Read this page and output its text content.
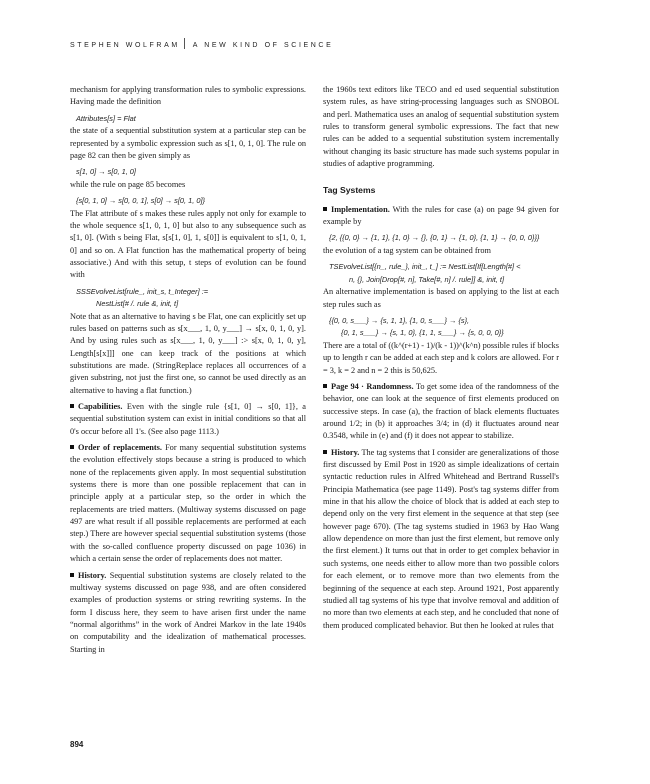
STEPHEN WOLFRAM A NEW KIND OF SCIENCE

mechanism for applying transformation rules to symbolic expressions. Having made the definition

Attributes[s] = Flat

the state of a sequential substitution system at a particular step can be represented by a symbolic expression such as s[1, 0, 1, 0]. The rule on page 82 can then be given simply as

s[1, 0] → s[0, 1, 0]

while the rule on page 85 becomes

{s[0, 1, 0] → s[0, 0, 1], s[0] → s[0, 1, 0]}

The Flat attribute of s makes these rules apply not only for example to the whole sequence s[1, 0, 1, 0] but also to any subsequence such as s[1, 0]. (With s being Flat, s[s[1, 0], 1, s[0]] is equivalent to s[1, 0, 1, 0] and so on. A Flat function has the mathematical property of being associative.) And with this setup, t steps of evolution can be found with

SSSEvolveList[rule_, init_s, t_Integer] :=
NestList[# /. rule &, init, t]

Note that as an alternative to having s be Flat, one can explicitly set up rules based on patterns such as s[x___, 1, 0, y___] → s[x, 0, 1, 0, y]. And by using rules such as s[x___, 1, 0, y___] :> s[x, 0, 1, 0, y], Length[s[x]]] one can keep track of the positions at which substitutions are made. (StringReplace replaces all occurrences of a given substring, not just the first one, so cannot be used directly as an alternative to having a flat function.)

Capabilities. Even with the single rule {s[1, 0] → s[0, 1]}, a sequential substitution system can exist in initial conditions so that all 0's occur before all 1's. (See also page 1113.)

Order of replacements. For many sequential substitution systems the evolution effectively stops because a string is produced to which none of the replacements given apply. In most sequential substitution systems there is more than one possible replacement that can in principle apply at a particular step, so the order in which the replacements are tried matters. (Multiway systems discussed on page 497 are what result if all possible replacements are performed at each step.) There are however special sequential substitution systems (those with the so-called confluence property discussed on page 1036) in which a certain sense the order of replacements does not matter.

History. Sequential substitution systems are closely related to the multiway systems discussed on page 938, and are often considered examples of production systems or string rewriting systems. In the form I discuss here, they seem to have arisen first under the name “normal algorithms” in the work of Andrei Markov in the late 1940s on computability and the idealization of mathematical processes. Starting in

the 1960s text editors like TECO and ed used sequential substitution system rules, as have string-processing languages such as SNOBOL and perl. Mathematica uses an analog of sequential substitution system rules to transform general symbolic expressions. The fact that new rules can be added to a sequential substitution system incrementally without changing its basic structure has made such systems popular in studies of adaptive programming.

Tag Systems

Implementation. With the rules for case (a) on page 94 given for example by

{2, {{0, 0} → {1, 1}, {1, 0} → {}, {0, 1} → {1, 0}, {1, 1} → {0, 0, 0}}}

the evolution of a tag system can be obtained from

TSEvolveList[{n_, rule_}, init_, t_] := NestList[If[Length[#] <
n, {}, Join[Drop[#, n], Take[#, n] /. rule]] &, init, t]

An alternative implementation is based on applying to the list at each step rules such as

{{0, 0, s___} → {s, 1, 1}, {1, 0, s___} → {s},
{0, 1, s___} → {s, 1, 0}, {1, 1, s___} → {s, 0, 0, 0}}

There are a total of ((k^(r+1) - 1)/(k - 1))^(k^n) possible rules if blocks up to length r can be added at each step and k colors are allowed. For r = 3, k = 2 and n = 2 this is 50,625.

Page 94 · Randomness. To get some idea of the randomness of the behavior, one can look at the sequence of first elements produced on successive steps. In case (a), the fraction of black elements fluctuates around 1/2; in (b) it approaches 3/4; in (d) it fluctuates around near 0.3548, while in (e) and (f) it does not appear to stabilize.

History. The tag systems that I consider are generalizations of those first discussed by Emil Post in 1920 as simple idealizations of certain syntactic reduction rules in Alfred Whitehead and Bertrand Russell's Principia Mathematica (see page 1149). Post's tag systems differ from mine in that his allow the choice of block that is added at each step to depend only on the very first element in the sequence at that step (see however page 670). (The tag systems studied in 1963 by Hao Wang allow dependence on more than just the first element, but remove only the first element.) It turns out that in order to get complex behavior in such systems, one needs either to allow more than two possible colors for each element, or to remove more than two elements from the beginning of the sequence at each step. Around 1921, Post apparently studied all tag systems of his type that involve removal and addition of no more than two elements at each step, and he concluded that none of them produced complicated behavior. But then he looked at rules that

894
